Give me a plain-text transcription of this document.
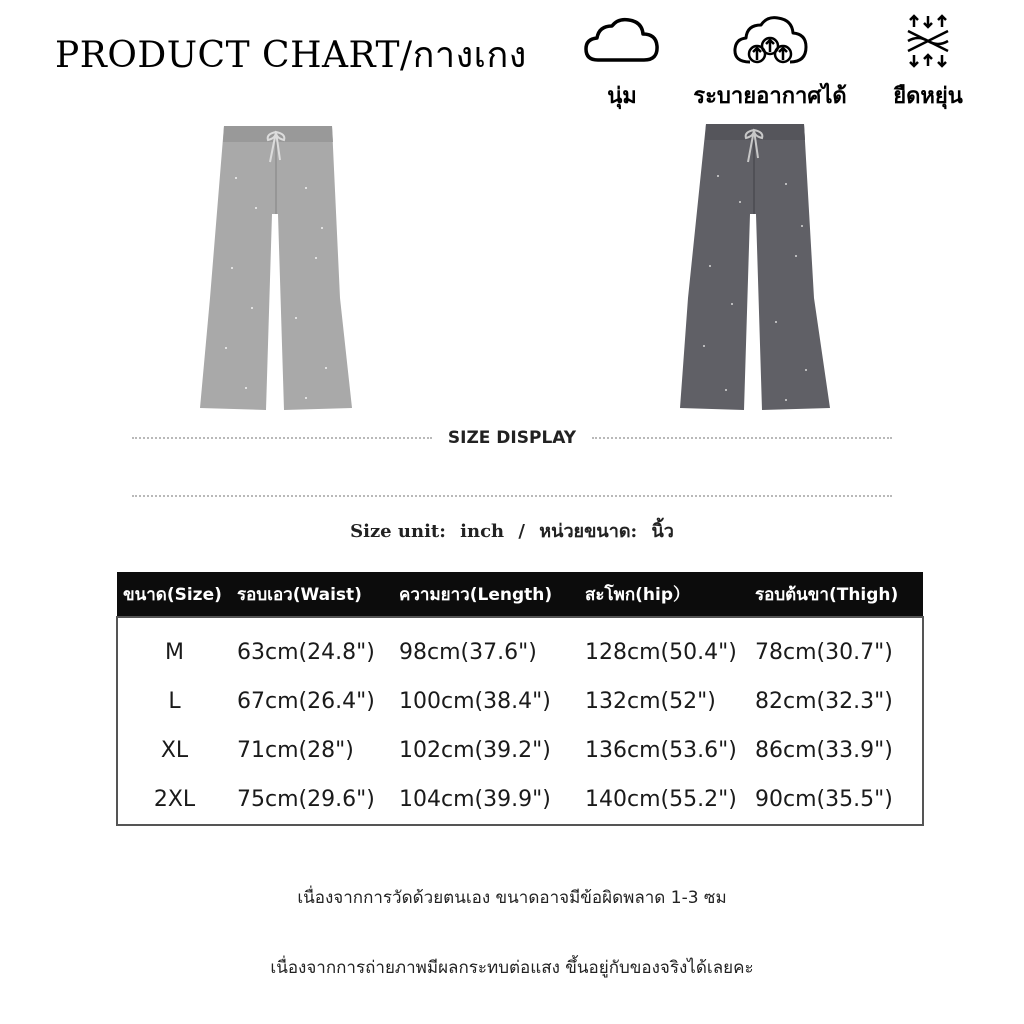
PRODUCT CHART/กางเกง
นุ่ม	ระบายอากาศได้	ยืดหยุ่น
SIZE DISPLAY
Size unit: inch / หน่วยขนาด: นิ้ว
ขนาด(Size)	รอบเอว(Waist)	ความยาว(Length)	สะโพก(hip）	รอบต้นขา(Thigh)
M	63cm(24.8")	98cm(37.6")	128cm(50.4")	78cm(30.7")
L	67cm(26.4")	100cm(38.4")	132cm(52")	82cm(32.3")
XL	71cm(28")	102cm(39.2")	136cm(53.6")	86cm(33.9")
2XL	75cm(29.6")	104cm(39.9")	140cm(55.2")	90cm(35.5")
เนื่องจากการวัดด้วยตนเอง ขนาดอาจมีข้อผิดพลาด 1-3 ซม
เนื่องจากการถ่ายภาพมีผลกระทบต่อแสง ขึ้นอยู่กับของจริงได้เลยคะ
